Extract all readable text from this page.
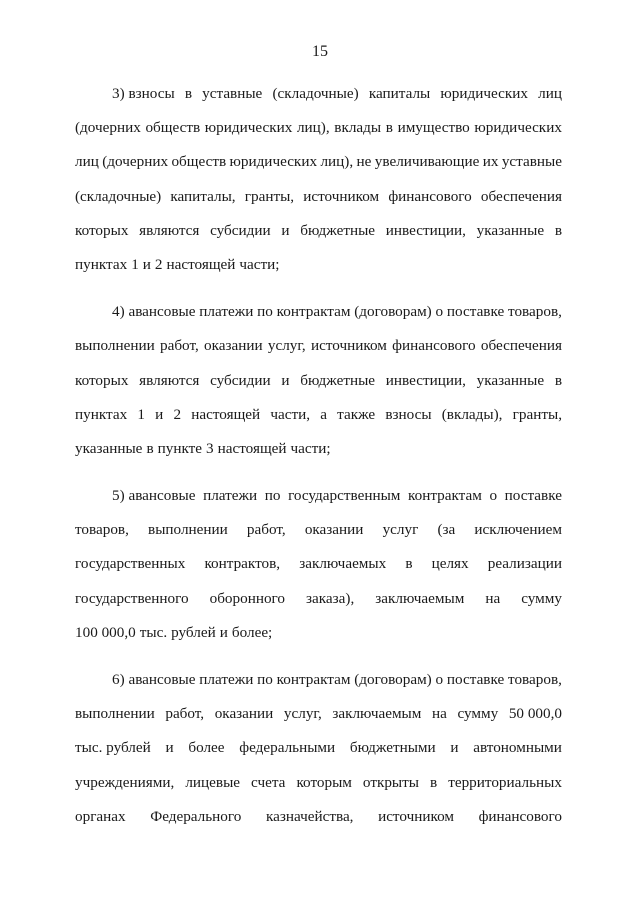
15
3) взносы в уставные (складочные) капиталы юридических лиц
(дочерних обществ юридических лиц), вклады в имущество юридических
лиц (дочерних обществ юридических лиц), не увеличивающие их уставные
(складочные) капиталы, гранты, источником финансового обеспечения
которых являются субсидии и бюджетные инвестиции, указанные в
пунктах 1 и 2 настоящей части;
4) авансовые платежи по контрактам (договорам) о поставке товаров,
выполнении работ, оказании услуг, источником финансового обеспечения
которых являются субсидии и бюджетные инвестиции, указанные в
пунктах 1 и 2 настоящей части, а также взносы (вклады), гранты,
указанные в пункте 3 настоящей части;
5) авансовые платежи по государственным контрактам о поставке
товаров, выполнении работ, оказании услуг (за исключением
государственных контрактов, заключаемых в целях реализации
государственного оборонного заказа), заключаемым на сумму
100 000,0 тыс. рублей и более;
6) авансовые платежи по контрактам (договорам) о поставке товаров,
выполнении работ, оказании услуг, заключаемым на сумму 50 000,0
тыс. рублей и более федеральными бюджетными и автономными
учреждениями, лицевые счета которым открыты в территориальных
органах Федерального казначейства, источником финансового
